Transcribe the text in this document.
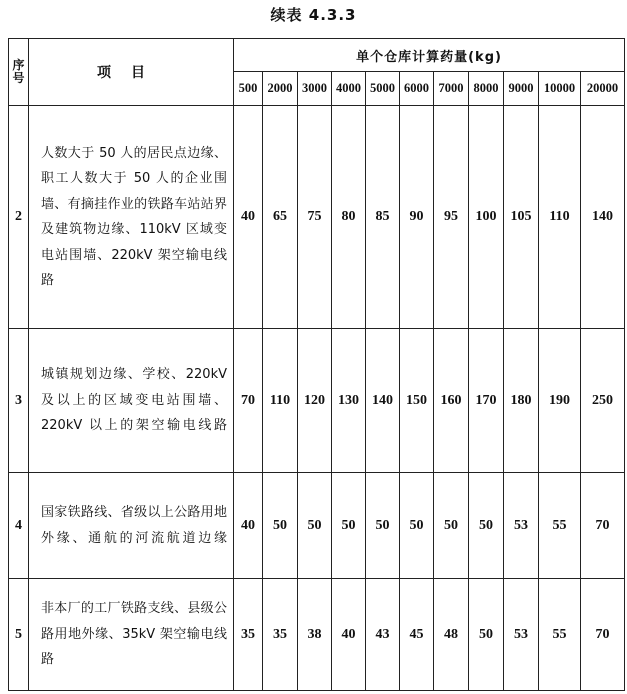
续表 4.3.3
序号	项目	单个仓库计算药量(kg)										
		500	2000	3000	4000	5000	6000	7000	8000	9000	10000	20000
2	人数大于 50 人的居民点边缘、职工人数大于 50 人的企业围墙、有摘挂作业的铁路车站站界及建筑物边缘、110kV 区域变电站围墙、220kV 架空输电线路	40	65	75	80	85	90	95	100	105	110	140
3	城镇规划边缘、学校、220kV 及以上的区域变电站围墙、220kV 以上的架空输电线路	70	110	120	130	140	150	160	170	180	190	250
4	国家铁路线、省级以上公路用地外缘、通航的河流航道边缘	40	50	50	50	50	50	50	50	53	55	70
5	非本厂的工厂铁路支线、县级公路用地外缘、35kV 架空输电线路	35	35	38	40	43	45	48	50	53	55	70
